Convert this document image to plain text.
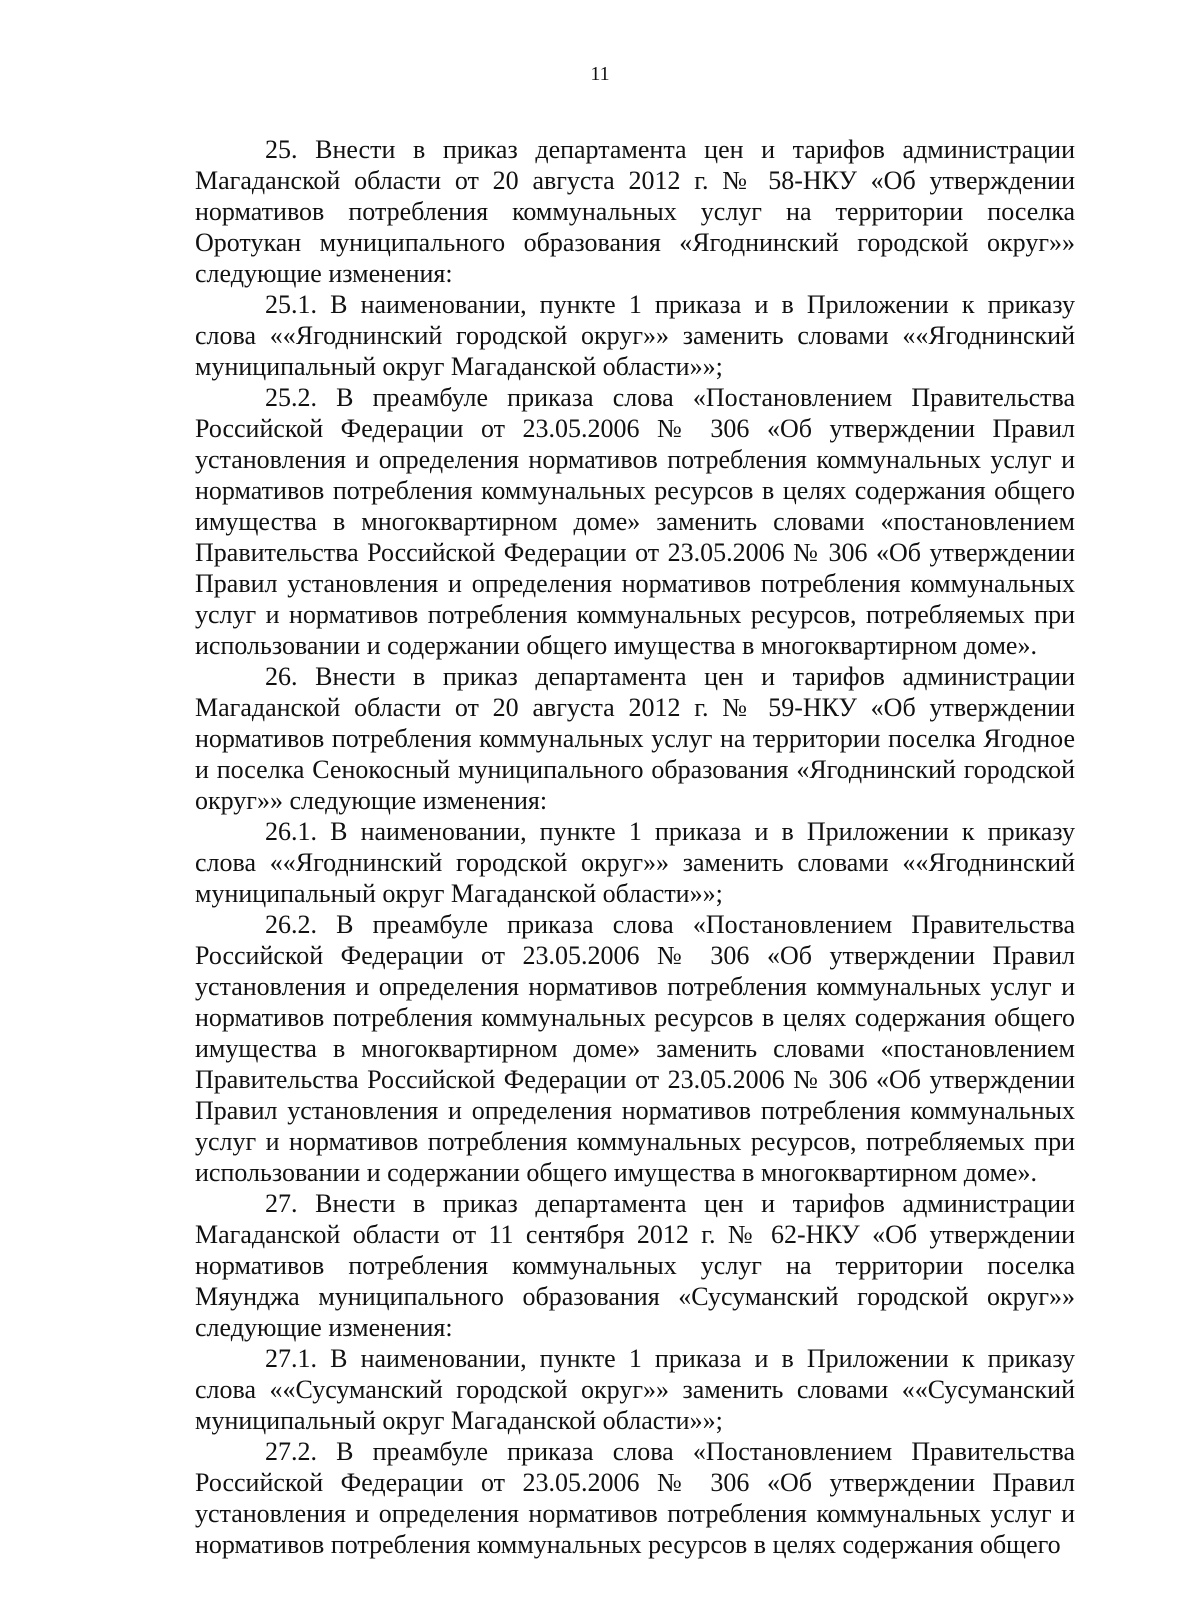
11

25. Внести в приказ департамента цен и тарифов администрации Магаданской области от 20 августа 2012 г. № 58-НКУ «Об утверждении нормативов потребления коммунальных услуг на территории поселка Оротукан муниципального образования «Ягоднинский городской округ»» следующие изменения:

25.1. В наименовании, пункте 1 приказа и в Приложении к приказу слова ««Ягоднинский городской округ»» заменить словами ««Ягоднинский муниципальный округ Магаданской области»»;

25.2. В преамбуле приказа слова «Постановлением Правительства Российской Федерации от 23.05.2006 № 306 «Об утверждении Правил установления и определения нормативов потребления коммунальных услуг и нормативов потребления коммунальных ресурсов в целях содержания общего имущества в многоквартирном доме» заменить словами «постановлением Правительства Российской Федерации от 23.05.2006 № 306 «Об утверждении Правил установления и определения нормативов потребления коммунальных услуг и нормативов потребления коммунальных ресурсов, потребляемых при использовании и содержании общего имущества в многоквартирном доме».

26. Внести в приказ департамента цен и тарифов администрации Магаданской области от 20 августа 2012 г. № 59-НКУ «Об утверждении нормативов потребления коммунальных услуг на территории поселка Ягодное и поселка Сенокосный муниципального образования «Ягоднинский городской округ»» следующие изменения:

26.1. В наименовании, пункте 1 приказа и в Приложении к приказу слова ««Ягоднинский городской округ»» заменить словами ««Ягоднинский муниципальный округ Магаданской области»»;

26.2. В преамбуле приказа слова «Постановлением Правительства Российской Федерации от 23.05.2006 № 306 «Об утверждении Правил установления и определения нормативов потребления коммунальных услуг и нормативов потребления коммунальных ресурсов в целях содержания общего имущества в многоквартирном доме» заменить словами «постановлением Правительства Российской Федерации от 23.05.2006 № 306 «Об утверждении Правил установления и определения нормативов потребления коммунальных услуг и нормативов потребления коммунальных ресурсов, потребляемых при использовании и содержании общего имущества в многоквартирном доме».

27. Внести в приказ департамента цен и тарифов администрации Магаданской области от 11 сентября 2012 г. № 62-НКУ «Об утверждении нормативов потребления коммунальных услуг на территории поселка Мяунджа муниципального образования «Сусуманский городской округ»» следующие изменения:

27.1. В наименовании, пункте 1 приказа и в Приложении к приказу слова ««Сусуманский городской округ»» заменить словами ««Сусуманский муниципальный округ Магаданской области»»;

27.2. В преамбуле приказа слова «Постановлением Правительства Российской Федерации от 23.05.2006 № 306 «Об утверждении Правил установления и определения нормативов потребления коммунальных услуг и нормативов потребления коммунальных ресурсов в целях содержания общего
